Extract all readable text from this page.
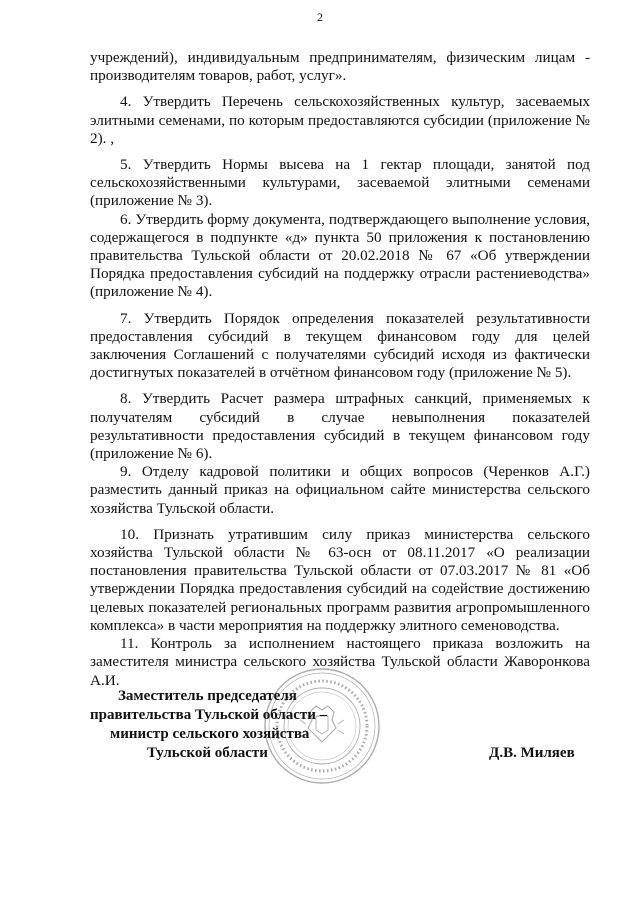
2

учреждений), индивидуальным предпринимателям, физическим лицам - производителям товаров, работ, услуг».

4. Утвердить Перечень сельскохозяйственных культур, засеваемых элитными семенами, по которым предоставляются субсидии (приложение № 2). ,

5. Утвердить Нормы высева на 1 гектар площади, занятой под сельскохозяйственными культурами, засеваемой элитными семенами (приложение № 3).

6. Утвердить форму документа, подтверждающего выполнение условия, содержащегося в подпункте «д» пункта 50 приложения к постановлению правительства Тульской области от 20.02.2018 № 67 «Об утверждении Порядка предоставления субсидий на поддержку отрасли растениеводства» (приложение № 4).

7. Утвердить Порядок определения показателей результативности предоставления субсидий в текущем финансовом году для целей заключения Соглашений с получателями субсидий исходя из фактически достигнутых показателей в отчётном финансовом году (приложение № 5).

8. Утвердить Расчет размера штрафных санкций, применяемых к получателям субсидий в случае невыполнения показателей результативности предоставления субсидий в текущем финансовом году (приложение № 6).

9. Отделу кадровой политики и общих вопросов (Черенков А.Г.) разместить данный приказ на официальном сайте министерства сельского хозяйства Тульской области.

10. Признать утратившим силу приказ министерства сельского хозяйства Тульской области № 63-осн от 08.11.2017 «О реализации постановления правительства Тульской области от 07.03.2017 № 81 «Об утверждении Порядка предоставления субсидий на содействие достижению целевых показателей региональных программ развития агропромышленного комплекса» в части мероприятия на поддержку элитного семеноводства.

11. Контроль за исполнением настоящего приказа возложить на заместителя министра сельского хозяйства Тульской области Жаворонкова А.И.

Заместитель председателя
правительства Тульской области –
министр сельского хозяйства
Тульской области	Д.В. Миляев
